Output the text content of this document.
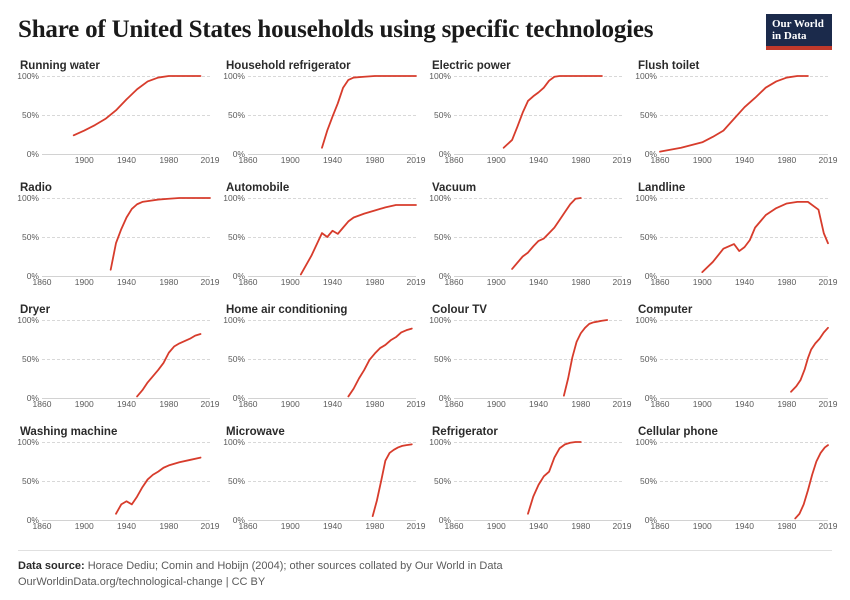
Share of United States households using specific technologies	Our World
in Data
Running water
0%
50%
100%
1900	1940	1980	2019
Household refrigerator
0%
50%
100%
1860	1900	1940	1980	2019
Electric power
0%
50%
100%
1860	1900	1940	1980	2019
Flush toilet
0%
50%
100%
1860	1900	1940	1980	2019
Radio
0%
50%
100%
1860	1900	1940	1980	2019
Automobile
0%
50%
100%
1860	1900	1940	1980	2019
Vacuum
0%
50%
100%
1860	1900	1940	1980	2019
Landline
0%
50%
100%
1860	1900	1940	1980	2019
Dryer
0%
50%
100%
1860	1900	1940	1980	2019
Home air conditioning
0%
50%
100%
1860	1900	1940	1980	2019
Colour TV
0%
50%
100%
1860	1900	1940	1980	2019
Computer
0%
50%
100%
1860	1900	1940	1980	2019
Washing machine
0%
50%
100%
1860	1900	1940	1980	2019
Microwave
0%
50%
100%
1860	1900	1940	1980	2019
Refrigerator
0%
50%
100%
1860	1900	1940	1980	2019
Cellular phone
0%
50%
100%
1860	1900	1940	1980	2019
Data source: Horace Dediu; Comin and Hobijn (2004); other sources collated by Our World in Data
OurWorldinData.org/technological-change | CC BY
